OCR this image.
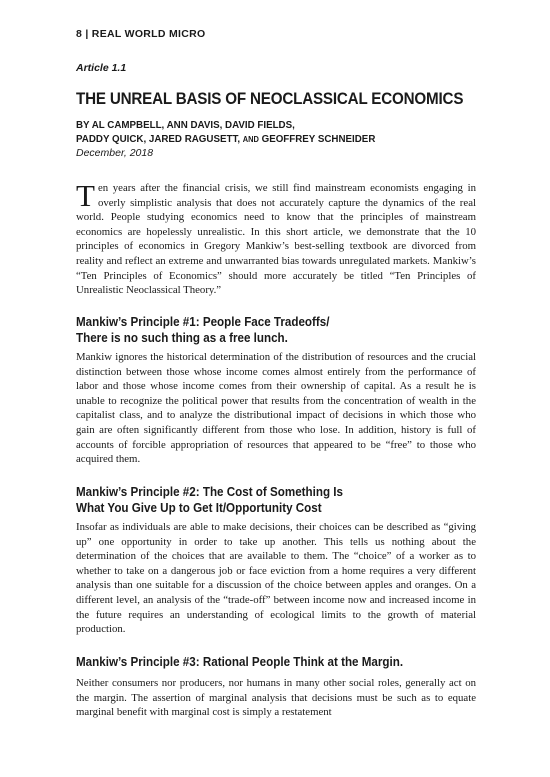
8 | REAL WORLD MICRO
Article 1.1
THE UNREAL BASIS OF NEOCLASSICAL ECONOMICS
BY AL CAMPBELL, ANN DAVIS, DAVID FIELDS,
PADDY QUICK, JARED RAGUSETT, AND GEOFFREY SCHNEIDER
December, 2018
Ten years after the financial crisis, we still find mainstream economists engaging in overly simplistic analysis that does not accurately capture the dynamics of the real world. People studying economics need to know that the principles of mainstream economics are hopelessly unrealistic. In this short article, we demonstrate that the 10 principles of economics in Gregory Mankiw’s best-selling textbook are divorced from reality and reflect an extreme and unwarranted bias towards unregulated markets. Mankiw’s “Ten Principles of Economics” should more accurately be titled “Ten Principles of Unrealistic Neoclassical Theory.”
Mankiw’s Principle #1: People Face Tradeoffs/
There is no such thing as a free lunch.
Mankiw ignores the historical determination of the distribution of resources and the crucial distinction between those whose income comes almost entirely from the performance of labor and those whose income comes from their ownership of capital. As a result he is unable to recognize the political power that results from the concentration of wealth in the capitalist class, and to analyze the distributional impact of decisions in which those who gain are often significantly different from those who lose. In addition, history is full of accounts of forcible appropriation of resources that appeared to be “free” to those who acquired them.
Mankiw’s Principle #2: The Cost of Something Is
What You Give Up to Get It/Opportunity Cost
Insofar as individuals are able to make decisions, their choices can be described as “giving up” one opportunity in order to take up another. This tells us nothing about the determination of the choices that are available to them. The “choice” of a worker as to whether to take on a dangerous job or face eviction from a home requires a very different analysis than one suitable for a discussion of the choice between apples and oranges. On a different level, an analysis of the “trade-off” between income now and increased income in the future requires an understanding of ecological limits to the growth of material production.
Mankiw’s Principle #3: Rational People Think at the Margin.
Neither consumers nor producers, nor humans in many other social roles, generally act on the margin. The assertion of marginal analysis that decisions must be such as to equate marginal benefit with marginal cost is simply a restatement
